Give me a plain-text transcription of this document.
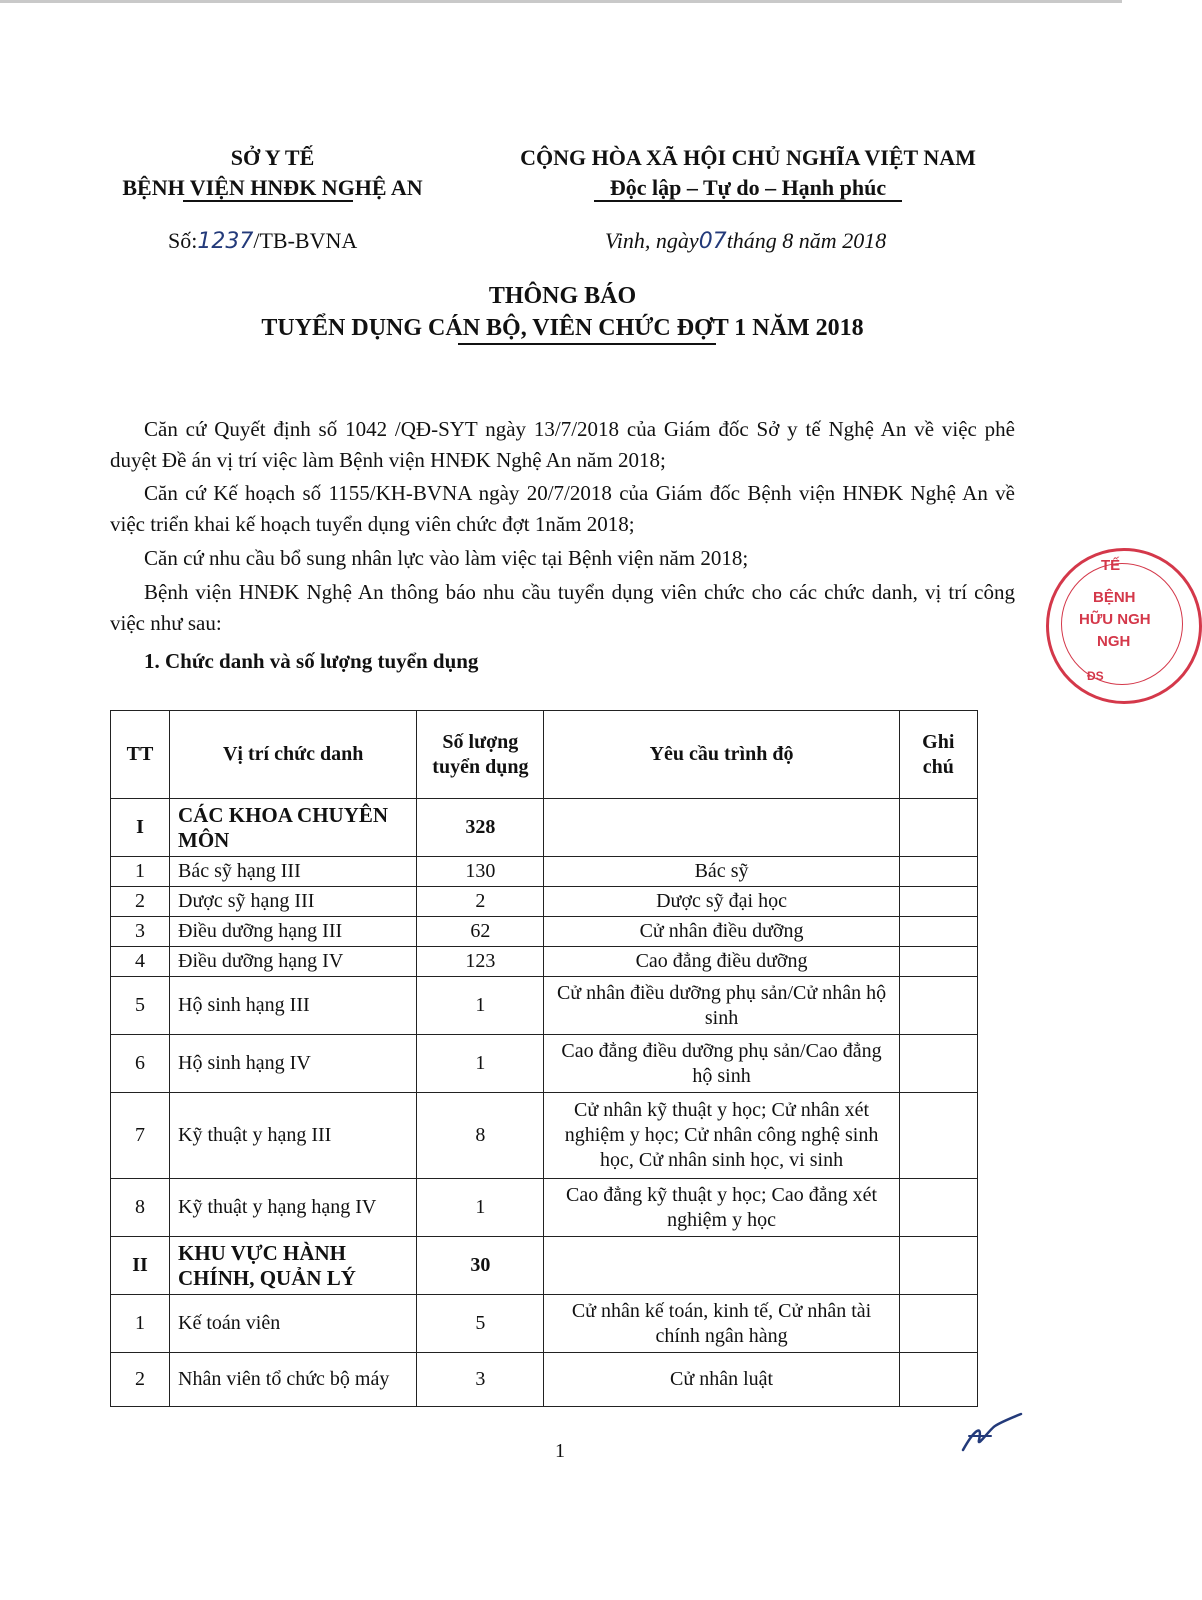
SỞ Y TẾ
BỆNH VIỆN HNĐK NGHỆ AN
CỘNG HÒA XÃ HỘI CHỦ NGHĨA VIỆT NAM
Độc lập – Tự do – Hạnh phúc
Số:1237/TB-BVNA	Vinh, ngày07tháng 8 năm 2018
THÔNG BÁO
TUYỂN DỤNG CÁN BỘ, VIÊN CHỨC ĐỢT 1 NĂM 2018

Căn cứ Quyết định số 1042 /QĐ-SYT ngày 13/7/2018 của Giám đốc Sở y tế Nghệ An về việc phê duyệt Đề án vị trí việc làm Bệnh viện HNĐK Nghệ An năm 2018;

Căn cứ Kế hoạch số 1155/KH-BVNA ngày 20/7/2018 của Giám đốc Bệnh viện HNĐK Nghệ An về việc triển khai kế hoạch tuyển dụng viên chức đợt 1năm 2018;

Căn cứ nhu cầu bổ sung nhân lực vào làm việc tại Bệnh viện năm 2018;

Bệnh viện HNĐK Nghệ An thông báo nhu cầu tuyển dụng viên chức cho các chức danh, vị trí công việc như sau:

1. Chức danh và số lượng tuyển dụng
TT	Vị trí chức danh	Số lượng tuyển dụng	Yêu cầu trình độ	Ghi chú
I	CÁC KHOA CHUYÊN MÔN	328		
1	Bác sỹ hạng III	130	Bác sỹ	
2	Dược sỹ hạng III	2	Dược sỹ đại học	
3	Điều dưỡng hạng III	62	Cử nhân điều dưỡng	
4	Điều dưỡng hạng IV	123	Cao đẳng điều dưỡng	
5	Hộ sinh hạng III	1	Cử nhân điều dưỡng phụ sản/Cử nhân hộ sinh	
6	Hộ sinh hạng IV	1	Cao đẳng điều dưỡng phụ sản/Cao đẳng hộ sinh	
7	Kỹ thuật y hạng III	8	Cử nhân kỹ thuật y học; Cử nhân xét nghiệm y học; Cử nhân công nghệ sinh học, Cử nhân sinh học, vi sinh	
8	Kỹ thuật y hạng hạng IV	1	Cao đẳng kỹ thuật y học; Cao đẳng xét nghiệm y học	
II	KHU VỰC HÀNH CHÍNH, QUẢN LÝ	30		
1	Kế toán viên	5	Cử nhân kế toán, kinh tế, Cử nhân tài chính ngân hàng	
2	Nhân viên tổ chức bộ máy	3	Cử nhân luật	
1
TẾ
BỆNH
HỮU NGH
NGH
ĐS
